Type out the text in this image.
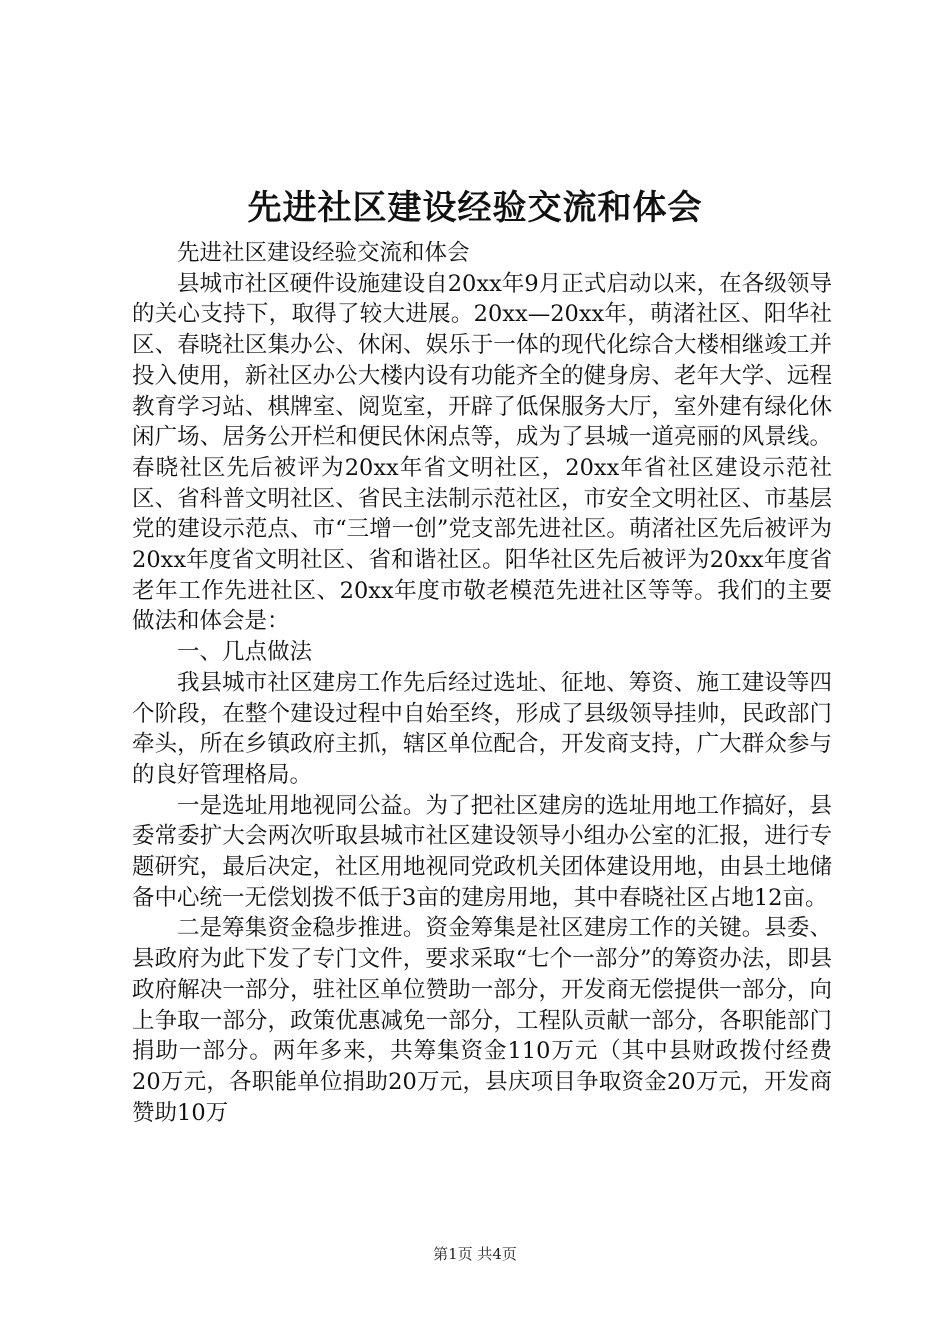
先进社区建设经验交流和体会

先进社区建设经验交流和体会

县城市社区硬件设施建设自20xx年9月正式启动以来，在各级领导的关心支持下，取得了较大进展。20xx—20xx年，萌渚社区、阳华社区、春晓社区集办公、休闲、娱乐于一体的现代化综合大楼相继竣工并投入使用，新社区办公大楼内设有功能齐全的健身房、老年大学、远程教育学习站、棋牌室、阅览室，开辟了低保服务大厅，室外建有绿化休闲广场、居务公开栏和便民休闲点等，成为了县城一道亮丽的风景线。春晓社区先后被评为20xx年省文明社区，20xx年省社区建设示范社区、省科普文明社区、省民主法制示范社区，市安全文明社区、市基层党的建设示范点、市“三增一创”党支部先进社区。萌渚社区先后被评为20xx年度省文明社区、省和谐社区。阳华社区先后被评为20xx年度省老年工作先进社区、20xx年度市敬老模范先进社区等等。我们的主要做法和体会是：

一、几点做法

我县城市社区建房工作先后经过选址、征地、筹资、施工建设等四个阶段，在整个建设过程中自始至终，形成了县级领导挂帅，民政部门牵头，所在乡镇政府主抓，辖区单位配合，开发商支持，广大群众参与的良好管理格局。

一是选址用地视同公益。为了把社区建房的选址用地工作搞好，县委常委扩大会两次听取县城市社区建设领导小组办公室的汇报，进行专题研究，最后决定，社区用地视同党政机关团体建设用地，由县土地储备中心统一无偿划拨不低于3亩的建房用地，其中春晓社区占地12亩。

二是筹集资金稳步推进。资金筹集是社区建房工作的关键。县委、县政府为此下发了专门文件，要求采取“七个一部分”的筹资办法，即县政府解决一部分，驻社区单位赞助一部分，开发商无偿提供一部分，向上争取一部分，政策优惠减免一部分，工程队贡献一部分，各职能部门捐助一部分。两年多来，共筹集资金110万元（其中县财政拨付经费20万元，各职能单位捐助20万元，县庆项目争取资金20万元，开发商赞助10万

第1页 共4页
